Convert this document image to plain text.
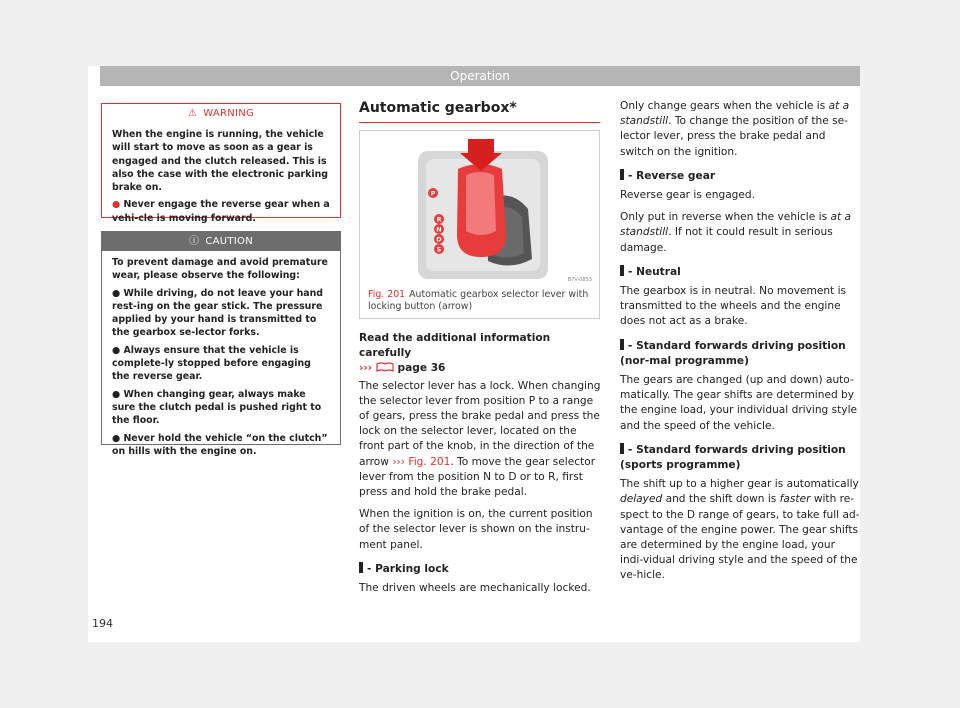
Operation
⚠ WARNING

When the engine is running, the vehicle will start to move as soon as a gear is engaged and the clutch released. This is also the case with the electronic parking brake on.

● Never engage the reverse gear when a vehi-cle is moving forward.

ⓘ CAUTION

To prevent damage and avoid premature wear, please observe the following:

● While driving, do not leave your hand rest-ing on the gear stick. The pressure applied by your hand is transmitted to the gearbox se-lector forks.

● Always ensure that the vehicle is complete-ly stopped before engaging the reverse gear.

● When changing gear, always make sure the clutch pedal is pushed right to the floor.

● Never hold the vehicle “on the clutch” on hills with the engine on.

Automatic gearbox*
P
R
N
D
S
B7V-0853
Fig. 201 Automatic gearbox selector lever with locking button (arrow)

Read the additional information carefully
›››  page 36

The selector lever has a lock. When changing the selector lever from position P to a range of gears, press the brake pedal and press the lock on the selector lever, located on the front part of the knob, in the direction of the arrow ››› Fig. 201. To move the gear selector lever from the position N to D or to R, first press and hold the brake pedal.

When the ignition is on, the current position of the selector lever is shown on the instru-ment panel.

- Parking lock

The driven wheels are mechanically locked.

Only change gears when the vehicle is at a standstill. To change the position of the se-lector lever, press the brake pedal and switch on the ignition.

- Reverse gear

Reverse gear is engaged.

Only put in reverse when the vehicle is at a standstill. If not it could result in serious damage.

- Neutral

The gearbox is in neutral. No movement is transmitted to the wheels and the engine does not act as a brake.

- Standard forwards driving position (nor-mal programme)

The gears are changed (up and down) auto-matically. The gear shifts are determined by the engine load, your individual driving style and the speed of the vehicle.

- Standard forwards driving position (sports programme)

The shift up to a higher gear is automatically delayed and the shift down is faster with re-spect to the D range of gears, to take full ad-vantage of the engine power. The gear shifts are determined by the engine load, your indi-vidual driving style and the speed of the ve-hicle.

194
